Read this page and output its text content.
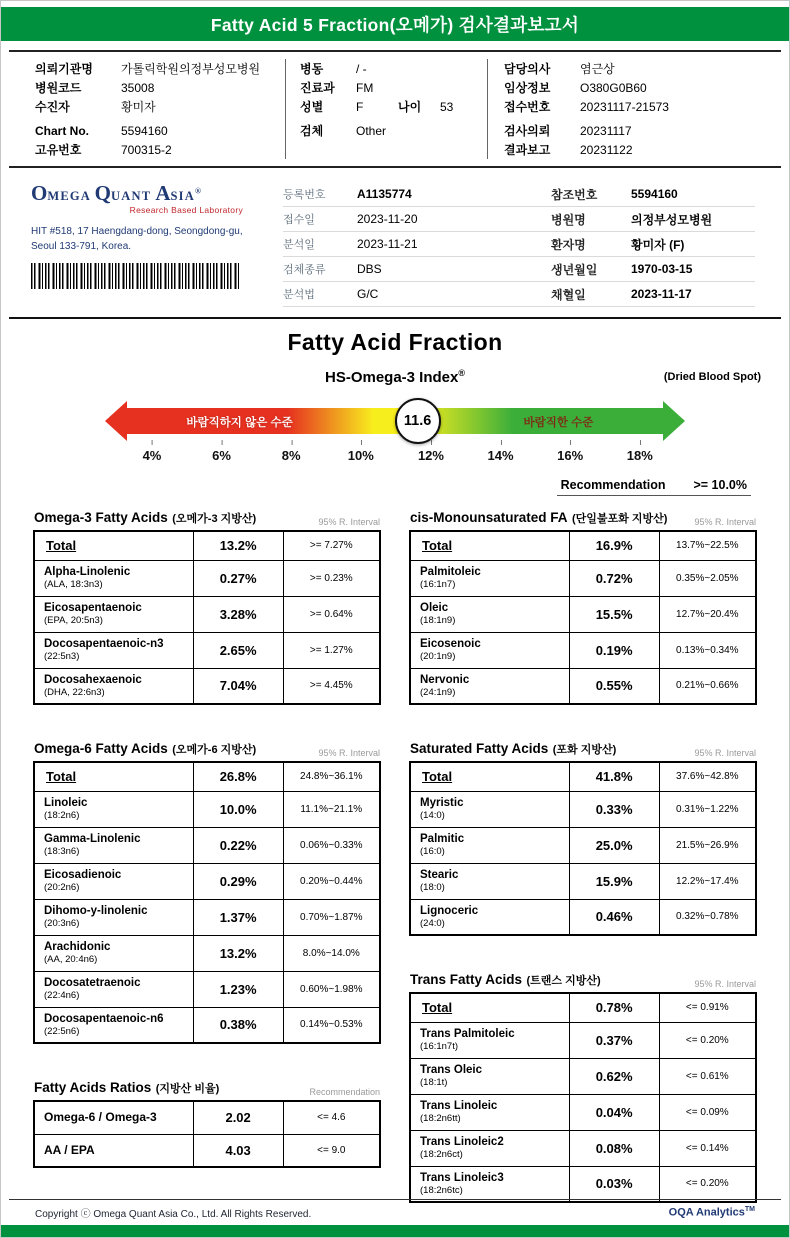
Fatty Acid 5 Fraction(오메가) 검사결과보고서
의뢰기관명	가톨릭학원의정부성모병원
병원코드	35008
수진자	황미자
Chart No.	5594160
고유번호	700315-2
병동	/ -
진료과	FM
성별	F	나이	53
검체	Other
담당의사	염근상
임상정보	O380G0B60
접수번호	20231117-21573
검사의뢰	20231117
결과보고	20231122
OMEGA QUANT ASIA®
Research Based Laboratory
HIT #518, 17 Haengdang-dong, Seongdong-gu,
Seoul 133-791, Korea.
등록번호	A1135774	참조번호	5594160
접수일	2023-11-20	병원명	의정부성모병원
분석일	2023-11-21	환자명	황미자 (F)
검체종류	DBS	생년월일	1970-03-15
분석법	G/C	채혈일	2023-11-17
Fatty Acid Fraction
HS-Omega-3 Index®	(Dried Blood Spot)
바람직하지 않은 수준	바람직한 수준
11.6
4%	6%	8%	10%	12%	14%	16%	18%
Recommendation >= 10.0%
Omega-3 Fatty Acids (오메가-3 지방산)	95% R. Interval
Total	13.2%	>= 7.27%

Alpha-Linolenic
(ALA, 18:3n3)	0.27%	>= 0.23%

Eicosapentaenoic
(EPA, 20:5n3)	3.28%	>= 0.64%

Docosapentaenoic-n3
(22:5n3)	2.65%	>= 1.27%

Docosahexaenoic
(DHA, 22:6n3)	7.04%	>= 4.45%
Omega-6 Fatty Acids (오메가-6 지방산)	95% R. Interval
Total	26.8%	24.8%~36.1%

Linoleic
(18:2n6)	10.0%	11.1%~21.1%

Gamma-Linolenic
(18:3n6)	0.22%	0.06%~0.33%

Eicosadienoic
(20:2n6)	0.29%	0.20%~0.44%

Dihomo-y-linolenic
(20:3n6)	1.37%	0.70%~1.87%

Arachidonic
(AA, 20:4n6)	13.2%	8.0%~14.0%

Docosatetraenoic
(22:4n6)	1.23%	0.60%~1.98%

Docosapentaenoic-n6
(22:5n6)	0.38%	0.14%~0.53%
Fatty Acids Ratios (지방산 비율)	Recommendation
Omega-6 / Omega-3	2.02	<= 4.6

AA / EPA	4.03	<= 9.0
cis-Monounsaturated FA (단일불포화 지방산)	95% R. Interval
Total	16.9%	13.7%~22.5%

Palmitoleic
(16:1n7)	0.72%	0.35%~2.05%

Oleic
(18:1n9)	15.5%	12.7%~20.4%

Eicosenoic
(20:1n9)	0.19%	0.13%~0.34%

Nervonic
(24:1n9)	0.55%	0.21%~0.66%
Saturated Fatty Acids (포화 지방산)	95% R. Interval
Total	41.8%	37.6%~42.8%

Myristic
(14:0)	0.33%	0.31%~1.22%

Palmitic
(16:0)	25.0%	21.5%~26.9%

Stearic
(18:0)	15.9%	12.2%~17.4%

Lignoceric
(24:0)	0.46%	0.32%~0.78%
Trans Fatty Acids (트랜스 지방산)	95% R. Interval
Total	0.78%	<= 0.91%

Trans Palmitoleic
(16:1n7t)	0.37%	<= 0.20%

Trans Oleic
(18:1t)	0.62%	<= 0.61%

Trans Linoleic
(18:2n6tt)	0.04%	<= 0.09%

Trans Linoleic2
(18:2n6ct)	0.08%	<= 0.14%

Trans Linoleic3
(18:2n6tc)	0.03%	<= 0.20%
Copyright ⓒ Omega Quant Asia Co., Ltd. All Rights Reserved.	OQA Analytics™
